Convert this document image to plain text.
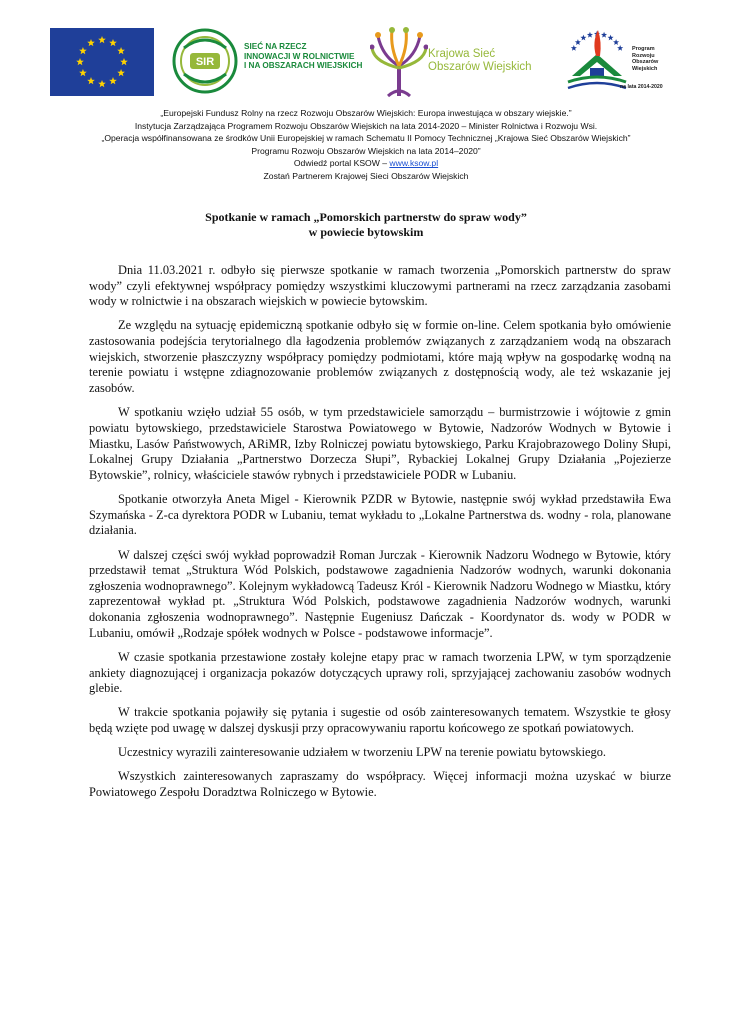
SIR
SIEĆ NA RZECZ
INNOWACJI W ROLNICTWIE
I NA OBSZARACH WIEJSKICH
Krajowa Sieć
Obszarów Wiejskich
Program
Rozwoju
Obszarów
Wiejskich
na lata 2014-2020
„Europejski Fundusz Rolny na rzecz Rozwoju Obszarów Wiejskich: Europa inwestująca w obszary wiejskie.”
Instytucja Zarządzająca Programem Rozwoju Obszarów Wiejskich na lata 2014-2020 – Minister Rolnictwa i Rozwoju Wsi.
„Operacja współfinansowana ze środków Unii Europejskiej w ramach Schematu II Pomocy Technicznej „Krajowa Sieć Obszarów Wiejskich”
Programu Rozwoju Obszarów Wiejskich na lata 2014–2020”
Odwiedź portal KSOW – www.ksow.pl
Zostań Partnerem Krajowej Sieci Obszarów Wiejskich
Spotkanie w ramach „Pomorskich partnerstw do spraw wody”
w powiecie bytowskim

Dnia 11.03.2021 r. odbyło się pierwsze spotkanie w ramach tworzenia „Pomorskich partnerstw do spraw wody” czyli efektywnej współpracy pomiędzy wszystkimi kluczowymi partnerami na rzecz zarządzania zasobami wody w rolnictwie i na obszarach wiejskich w powiecie bytowskim.

Ze względu na sytuację epidemiczną spotkanie odbyło się w formie on-line. Celem spotkania było omówienie zastosowania podejścia terytorialnego dla łagodzenia problemów związanych z zarządzaniem wodą na obszarach wiejskich, stworzenie płaszczyzny współpracy pomiędzy podmiotami, które mają wpływ na gospodarkę wodną na terenie powiatu i wstępne zdiagnozowanie problemów związanych z dostępnością wody, ale też wskazanie jej zasobów.

W spotkaniu wzięło udział 55 osób, w tym przedstawiciele samorządu – burmistrzowie i wójtowie z gmin powiatu bytowskiego, przedstawiciele Starostwa Powiatowego w Bytowie, Nadzorów Wodnych w Bytowie i Miastku, Lasów Państwowych, ARiMR, Izby Rolniczej powiatu bytowskiego, Parku Krajobrazowego Doliny Słupi, Lokalnej Grupy Działania „Partnerstwo Dorzecza Słupi”, Rybackiej Lokalnej Grupy Działania „Pojezierze Bytowskie”, rolnicy, właściciele stawów rybnych i przedstawiciele PODR w Lubaniu.

Spotkanie otworzyła Aneta Migel - Kierownik PZDR w Bytowie, następnie swój wykład przedstawiła Ewa Szymańska - Z-ca dyrektora PODR w Lubaniu, temat wykładu to „Lokalne Partnerstwa ds. wodny - rola, planowane działania.

W dalszej części swój wykład poprowadził Roman Jurczak - Kierownik Nadzoru Wodnego w Bytowie, który przedstawił temat „Struktura Wód Polskich, podstawowe zagadnienia Nadzorów wodnych, warunki dokonania zgłoszenia wodnoprawnego”. Kolejnym wykładowcą Tadeusz Król - Kierownik Nadzoru Wodnego w Miastku, który zaprezentował wykład pt. „Struktura Wód Polskich, podstawowe zagadnienia Nadzorów wodnych, warunki dokonania zgłoszenia wodnoprawnego”. Następnie Eugeniusz Dańczak - Koordynator ds. wody w PODR w Lubaniu, omówił „Rodzaje spółek wodnych w Polsce - podstawowe informacje”.

W czasie spotkania przestawione zostały kolejne etapy prac w ramach tworzenia LPW, w tym sporządzenie ankiety diagnozującej i organizacja pokazów dotyczących uprawy roli, sprzyjającej zachowaniu zasobów wodnych glebie.

W trakcie spotkania pojawiły się pytania i sugestie od osób zainteresowanych tematem. Wszystkie te głosy będą wzięte pod uwagę w dalszej dyskusji przy opracowywaniu raportu końcowego ze spotkań powiatowych.

Uczestnicy wyrazili zainteresowanie udziałem w tworzeniu LPW na terenie powiatu bytowskiego.

Wszystkich zainteresowanych zapraszamy do współpracy. Więcej informacji można uzyskać w biurze Powiatowego Zespołu Doradztwa Rolniczego w Bytowie.
